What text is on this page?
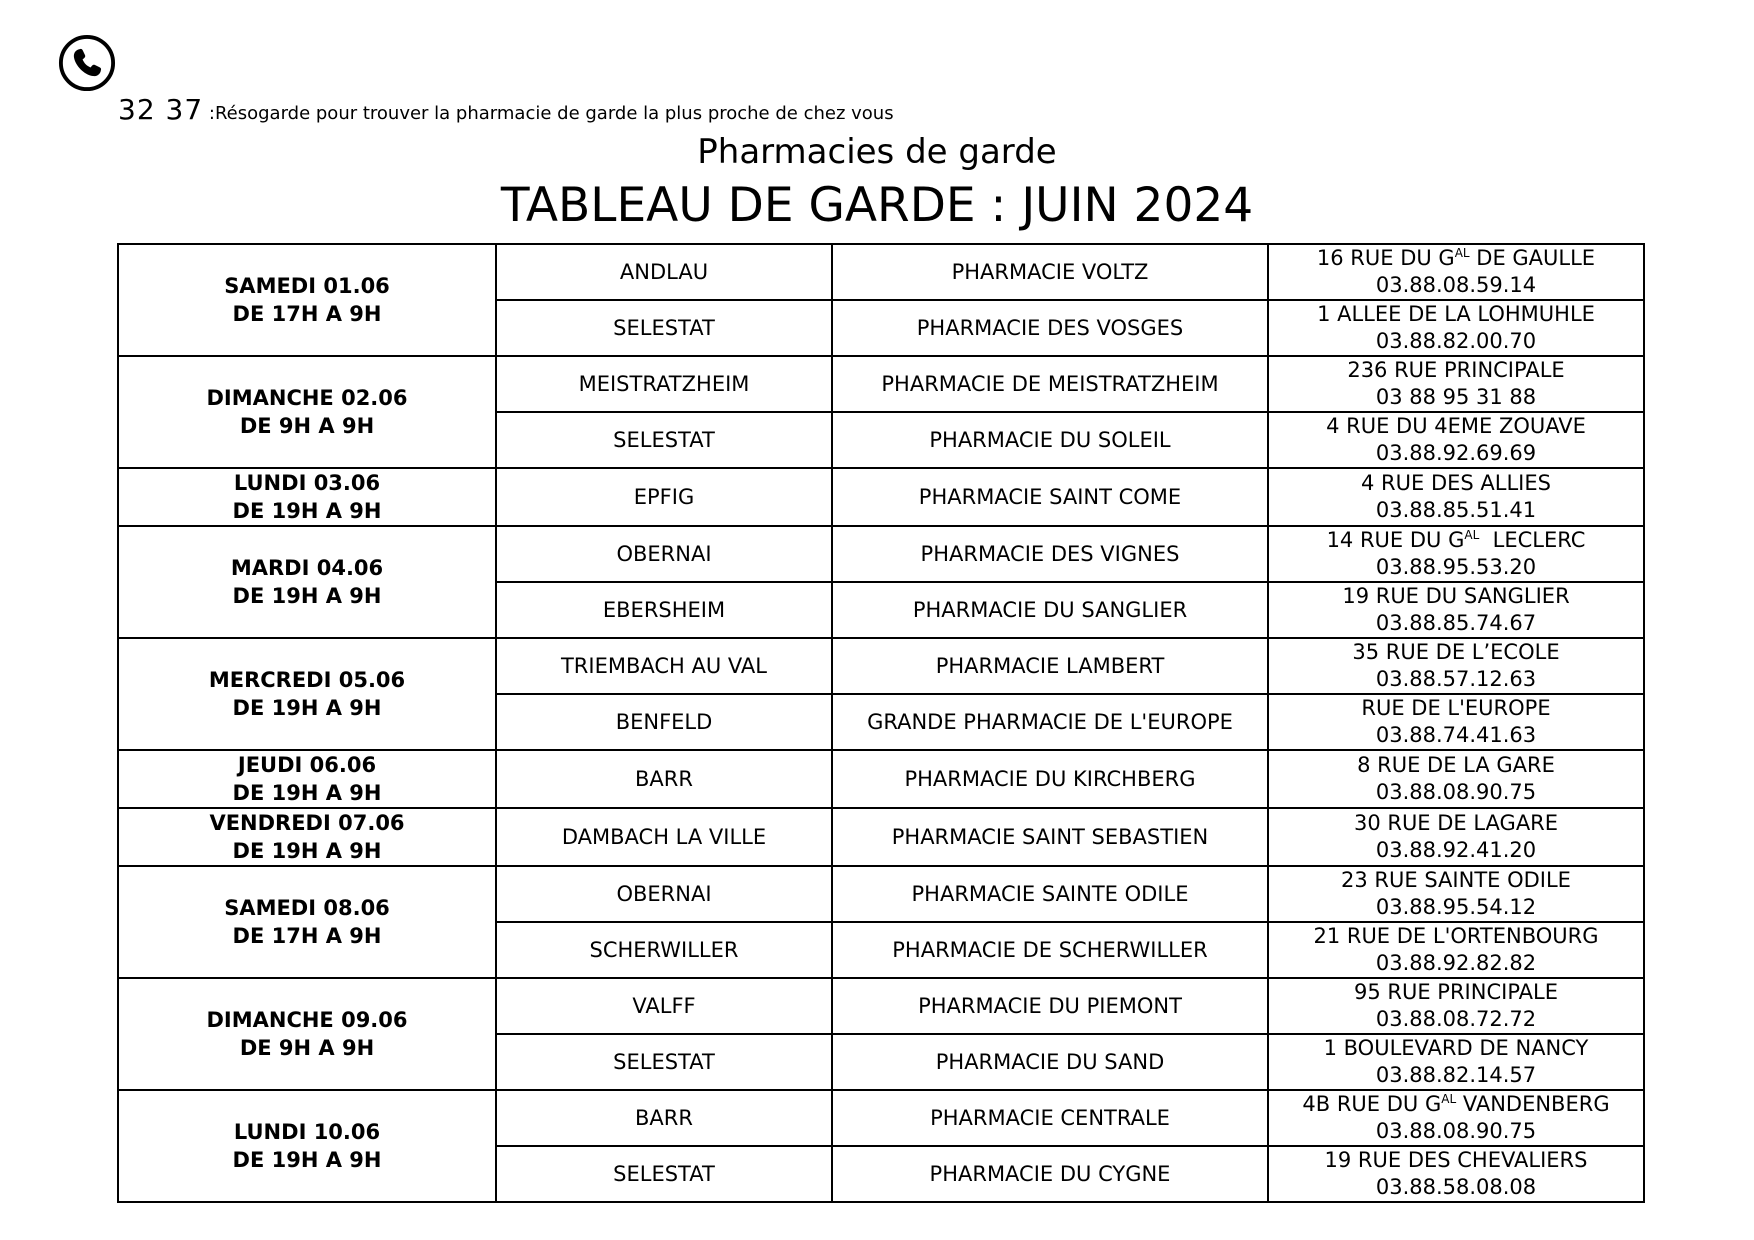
32 37 :Résogarde pour trouver la pharmacie de garde la plus proche de chez vous
Pharmacies de garde
TABLEAU DE GARDE : JUIN 2024
SAMEDI 01.06
DE 17H A 9H	ANDLAU	PHARMACIE VOLTZ	16 RUE DU $G^{AL}$ DE GAULLE
03.88.08.59.14

	SELESTAT	PHARMACIE DES VOSGES	1 ALLEE DE LA LOHMUHLE
03.88.82.00.70

DIMANCHE 02.06
DE 9H A 9H	MEISTRATZHEIM	PHARMACIE DE MEISTRATZHEIM	236 RUE PRINCIPALE
03 88 95 31 88

	SELESTAT	PHARMACIE DU SOLEIL	4 RUE DU 4EME ZOUAVE
03.88.92.69.69

LUNDI 03.06
DE 19H A 9H	EPFIG	PHARMACIE SAINT COME	4 RUE DES ALLIES
03.88.85.51.41

MARDI 04.06
DE 19H A 9H	OBERNAI	PHARMACIE DES VIGNES	14 RUE DU $G^{AL}$  LECLERC
03.88.95.53.20

	EBERSHEIM	PHARMACIE DU SANGLIER	19 RUE DU SANGLIER
03.88.85.74.67

MERCREDI 05.06
DE 19H A 9H	TRIEMBACH AU VAL	PHARMACIE LAMBERT	35 RUE DE L’ECOLE
03.88.57.12.63

	BENFELD	GRANDE PHARMACIE DE L'EUROPE	RUE DE L'EUROPE
03.88.74.41.63

JEUDI 06.06
DE 19H A 9H	BARR	PHARMACIE DU KIRCHBERG	8 RUE DE LA GARE
03.88.08.90.75

VENDREDI 07.06
DE 19H A 9H	DAMBACH LA VILLE	PHARMACIE SAINT SEBASTIEN	30 RUE DE LAGARE
03.88.92.41.20

SAMEDI 08.06
DE 17H A 9H	OBERNAI	PHARMACIE SAINTE ODILE	23 RUE SAINTE ODILE
03.88.95.54.12

	SCHERWILLER	PHARMACIE DE SCHERWILLER	21 RUE DE L'ORTENBOURG
03.88.92.82.82

DIMANCHE 09.06
DE 9H A 9H	VALFF	PHARMACIE DU PIEMONT	95 RUE PRINCIPALE
03.88.08.72.72

	SELESTAT	PHARMACIE DU SAND	1 BOULEVARD DE NANCY
03.88.82.14.57

LUNDI 10.06
DE 19H A 9H	BARR	PHARMACIE CENTRALE	4B RUE DU $G^{AL}$ VANDENBERG
03.88.08.90.75

	SELESTAT	PHARMACIE DU CYGNE	19 RUE DES CHEVALIERS
03.88.58.08.08
